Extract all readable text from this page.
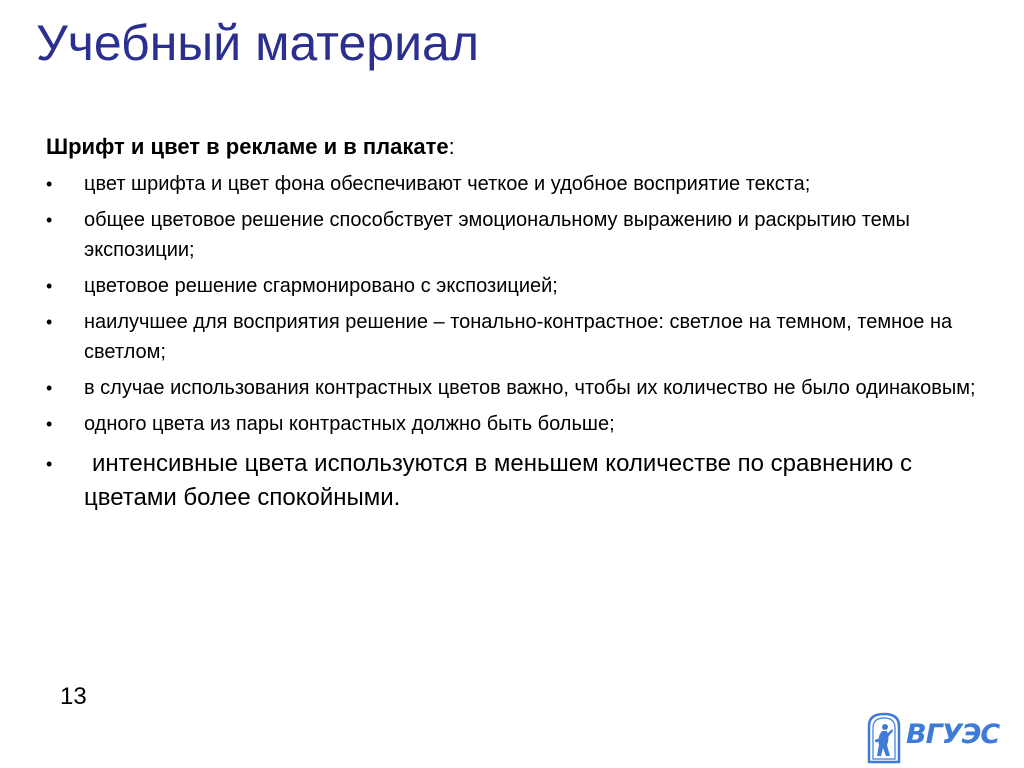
Учебный материал
Шрифт и цвет в рекламе и в плакате:
•	цвет шрифта и цвет фона обеспечивают четкое и удобное восприятие текста;
•	общее цветовое решение способствует эмоциональному выражению и раскрытию темы экспозиции;
•	цветовое решение сгармонировано с экспозицией;
•	наилучшее для восприятия решение – тонально-контрастное: светлое на темном, темное на светлом;
•	в случае использования контрастных цветов важно, чтобы их количество не было одинаковым;
•	одного цвета из пары контрастных должно быть больше;
•	интенсивные цвета используются в меньшем количестве по сравнению с цветами более спокойными.
13
ВГУЭС
